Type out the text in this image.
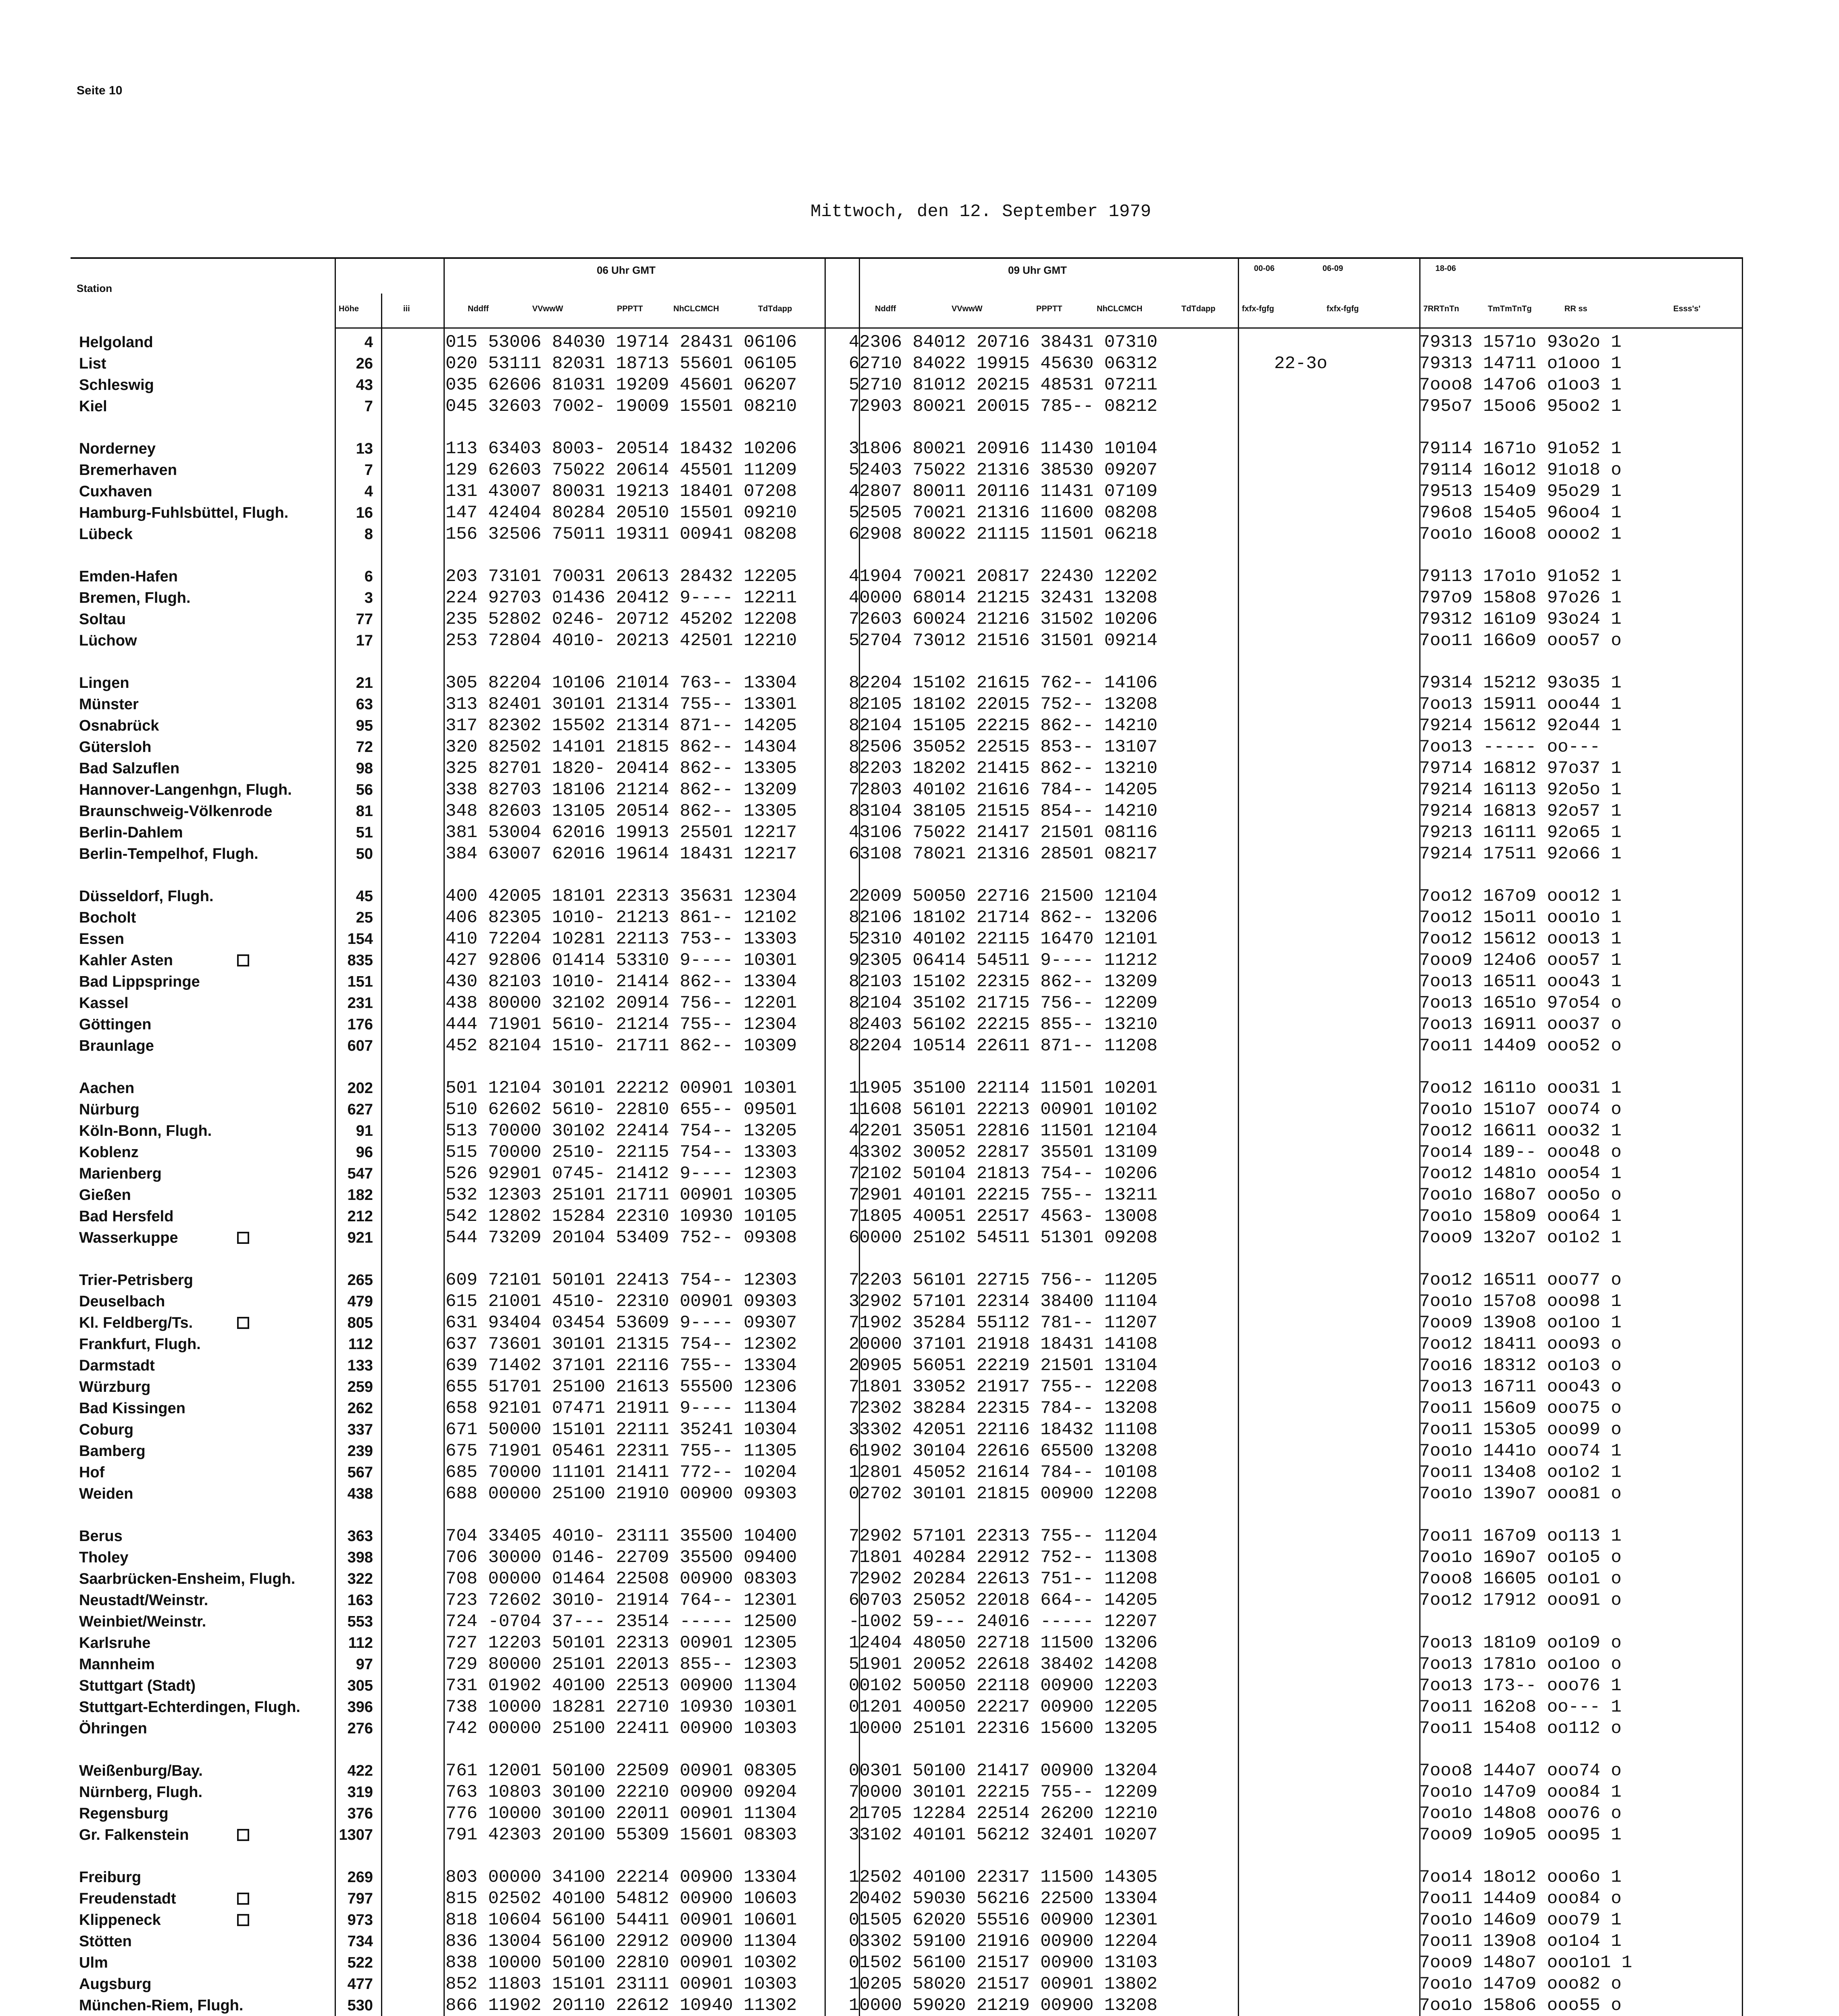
Seite 10
Mittwoch, den 12. September 1979
Station
Höhe	iii
06 Uhr GMT	09 Uhr GMT
Nddff	VVwwW	PPPTT	NhCLCMCH	TdTdapp	Nddff	VVwwW	PPPTT	NhCLCMCH	TdTdapp
00-06	06-09	18-06
fxfx-fgfg	fxfx-fgfg	7RRTnTn	TmTmTnTg	RR ss	Esss's'
Helgoland	4	015 53006 84030 19714 28431 06106	42306 84012 20716 38431 07310	79313 1571o 93o2o 1
List	26	020 53111 82031 18713 55601 06105	62710 84022 19915 45630 06312	22-3o	79313 14711 o1ooo 1
Schleswig	43	035 62606 81031 19209 45601 06207	52710 81012 20215 48531 07211	7ooo8 147o6 o1oo3 1
Kiel	7	045 32603 7002- 19009 15501 08210	72903 80021 20015 785-- 08212	795o7 15oo6 95oo2 1
Norderney	13	113 63403 8003- 20514 18432 10206	31806 80021 20916 11430 10104	79114 1671o 91o52 1
Bremerhaven	7	129 62603 75022 20614 45501 11209	52403 75022 21316 38530 09207	79114 16o12 91o18 o
Cuxhaven	4	131 43007 80031 19213 18401 07208	42807 80011 20116 11431 07109	79513 154o9 95o29 1
Hamburg-Fuhlsbüttel, Flugh.	16	147 42404 80284 20510 15501 09210	52505 70021 21316 11600 08208	796o8 154o5 96oo4 1
Lübeck	8	156 32506 75011 19311 00941 08208	62908 80022 21115 11501 06218	7oo1o 16oo8 oooo2 1
Emden-Hafen	6	203 73101 70031 20613 28432 12205	41904 70021 20817 22430 12202	79113 17o1o 91o52 1
Bremen, Flugh.	3	224 92703 01436 20412 9---- 12211	40000 68014 21215 32431 13208	797o9 158o8 97o26 1
Soltau	77	235 52802 0246- 20712 45202 12208	72603 60024 21216 31502 10206	79312 161o9 93o24 1
Lüchow	17	253 72804 4010- 20213 42501 12210	52704 73012 21516 31501 09214	7oo11 166o9 ooo57 o
Lingen	21	305 82204 10106 21014 763-- 13304	82204 15102 21615 762-- 14106	79314 15212 93o35 1
Münster	63	313 82401 30101 21314 755-- 13301	82105 18102 22015 752-- 13208	7oo13 15911 ooo44 1
Osnabrück	95	317 82302 15502 21314 871-- 14205	82104 15105 22215 862-- 14210	79214 15612 92o44 1
Gütersloh	72	320 82502 14101 21815 862-- 14304	82506 35052 22515 853-- 13107	7oo13 ----- oo---
Bad Salzuflen	98	325 82701 1820- 20414 862-- 13305	82203 18202 21415 862-- 13210	79714 16812 97o37 1
Hannover-Langenhgn, Flugh.	56	338 82703 18106 21214 862-- 13209	72803 40102 21616 784-- 14205	79214 16113 92o5o 1
Braunschweig-Völkenrode	81	348 82603 13105 20514 862-- 13305	83104 38105 21515 854-- 14210	79214 16813 92o57 1
Berlin-Dahlem	51	381 53004 62016 19913 25501 12217	43106 75022 21417 21501 08116	79213 16111 92o65 1
Berlin-Tempelhof, Flugh.	50	384 63007 62016 19614 18431 12217	63108 78021 21316 28501 08217	79214 17511 92o66 1
Düsseldorf, Flugh.	45	400 42005 18101 22313 35631 12304	22009 50050 22716 21500 12104	7oo12 167o9 ooo12 1
Bocholt	25	406 82305 1010- 21213 861-- 12102	82106 18102 21714 862-- 13206	7oo12 15o11 ooo1o 1
Essen	154	410 72204 10281 22113 753-- 13303	52310 40102 22115 16470 12101	7oo12 15612 ooo13 1
Kahler Asten	835	427 92806 01414 53310 9---- 10301	92305 06414 54511 9---- 11212	7ooo9 124o6 ooo57 1
Bad Lippspringe	151	430 82103 1010- 21414 862-- 13304	82103 15102 22315 862-- 13209	7oo13 16511 ooo43 1
Kassel	231	438 80000 32102 20914 756-- 12201	82104 35102 21715 756-- 12209	7oo13 1651o 97o54 o
Göttingen	176	444 71901 5610- 21214 755-- 12304	82403 56102 22215 855-- 13210	7oo13 16911 ooo37 o
Braunlage	607	452 82104 1510- 21711 862-- 10309	82204 10514 22611 871-- 11208	7oo11 144o9 ooo52 o
Aachen	202	501 12104 30101 22212 00901 10301	11905 35100 22114 11501 10201	7oo12 1611o ooo31 1
Nürburg	627	510 62602 5610- 22810 655-- 09501	11608 56101 22213 00901 10102	7oo1o 151o7 ooo74 o
Köln-Bonn, Flugh.	91	513 70000 30102 22414 754-- 13205	42201 35051 22816 11501 12104	7oo12 16611 ooo32 1
Koblenz	96	515 70000 2510- 22115 754-- 13303	43302 30052 22817 35501 13109	7oo14 189-- ooo48 o
Marienberg	547	526 92901 0745- 21412 9---- 12303	72102 50104 21813 754-- 10206	7oo12 1481o ooo54 1
Gießen	182	532 12303 25101 21711 00901 10305	72901 40101 22215 755-- 13211	7oo1o 168o7 ooo5o o
Bad Hersfeld	212	542 12802 15284 22310 10930 10105	71805 40051 22517 4563- 13008	7oo1o 158o9 ooo64 1
Wasserkuppe	921	544 73209 20104 53409 752-- 09308	60000 25102 54511 51301 09208	7ooo9 132o7 oo1o2 1
Trier-Petrisberg	265	609 72101 50101 22413 754-- 12303	72203 56101 22715 756-- 11205	7oo12 16511 ooo77 o
Deuselbach	479	615 21001 4510- 22310 00901 09303	32902 57101 22314 38400 11104	7oo1o 157o8 ooo98 1
Kl. Feldberg/Ts.	805	631 93404 03454 53609 9---- 09307	71902 35284 55112 781-- 11207	7ooo9 139o8 oo1oo 1
Frankfurt, Flugh.	112	637 73601 30101 21315 754-- 12302	20000 37101 21918 18431 14108	7oo12 18411 ooo93 o
Darmstadt	133	639 71402 37101 22116 755-- 13304	20905 56051 22219 21501 13104	7oo16 18312 oo1o3 o
Würzburg	259	655 51701 25100 21613 55500 12306	71801 33052 21917 755-- 12208	7oo13 16711 ooo43 o
Bad Kissingen	262	658 92101 07471 21911 9---- 11304	72302 38284 22315 784-- 13208	7oo11 156o9 ooo75 o
Coburg	337	671 50000 15101 22111 35241 10304	33302 42051 22116 18432 11108	7oo11 153o5 ooo99 o
Bamberg	239	675 71901 05461 22311 755-- 11305	61902 30104 22616 65500 13208	7oo1o 1441o ooo74 1
Hof	567	685 70000 11101 21411 772-- 10204	12801 45052 21614 784-- 10108	7oo11 134o8 oo1o2 1
Weiden	438	688 00000 25100 21910 00900 09303	02702 30101 21815 00900 12208	7oo1o 139o7 ooo81 o
Berus	363	704 33405 4010- 23111 35500 10400	72902 57101 22313 755-- 11204	7oo11 167o9 oo113 1
Tholey	398	706 30000 0146- 22709 35500 09400	71801 40284 22912 752-- 11308	7oo1o 169o7 oo1o5 o
Saarbrücken-Ensheim, Flugh.	322	708 00000 01464 22508 00900 08303	72902 20284 22613 751-- 11208	7ooo8 16605 oo1o1 o
Neustadt/Weinstr.	163	723 72602 3010- 21914 764-- 12301	60703 25052 22018 664-- 14205	7oo12 17912 ooo91 o
Weinbiet/Weinstr.	553	724 -0704 37--- 23514 ----- 12500	-1002 59--- 24016 ----- 12207
Karlsruhe	112	727 12203 50101 22313 00901 12305	12404 48050 22718 11500 13206	7oo13 181o9 oo1o9 o
Mannheim	97	729 80000 25101 22013 855-- 12303	51901 20052 22618 38402 14208	7oo13 1781o oo1oo o
Stuttgart (Stadt)	305	731 01902 40100 22513 00900 11304	00102 50050 22118 00900 12203	7oo13 173-- ooo76 1
Stuttgart-Echterdingen, Flugh.	396	738 10000 18281 22710 10930 10301	01201 40050 22217 00900 12205	7oo11 162o8 oo--- 1
Öhringen	276	742 00000 25100 22411 00900 10303	10000 25101 22316 15600 13205	7oo11 154o8 oo112 o
Weißenburg/Bay.	422	761 12001 50100 22509 00901 08305	00301 50100 21417 00900 13204	7ooo8 144o7 ooo74 o
Nürnberg, Flugh.	319	763 10803 30100 22210 00900 09204	70000 30101 22215 755-- 12209	7oo1o 147o9 ooo84 1
Regensburg	376	776 10000 30100 22011 00901 11304	21705 12284 22514 26200 12210	7oo1o 148o8 ooo76 o
Gr. Falkenstein	1307	791 42303 20100 55309 15601 08303	33102 40101 56212 32401 10207	7ooo9 1o9o5 ooo95 1
Freiburg	269	803 00000 34100 22214 00900 13304	12502 40100 22317 11500 14305	7oo14 18o12 ooo6o 1
Freudenstadt	797	815 02502 40100 54812 00900 10603	20402 59030 56216 22500 13304	7oo11 144o9 ooo84 o
Klippeneck	973	818 10604 56100 54411 00901 10601	01505 62020 55516 00900 12301	7oo1o 146o9 ooo79 1
Stötten	734	836 13004 56100 22912 00900 11304	03302 59100 21916 00900 12204	7oo11 139o8 oo1o4 1
Ulm	522	838 10000 50100 22810 00901 10302	01502 56100 21517 00900 13103	7ooo9 148o7 ooo1o1 1
Augsburg	477	852 11803 15101 23111 00901 10303	10205 58020 21517 00901 13802	7oo1o 147o9 ooo82 o
München-Riem, Flugh.	530	866 11902 20110 22612 10940 11302	10000 59020 21219 00900 13208	7oo1o 158o6 ooo55 o
